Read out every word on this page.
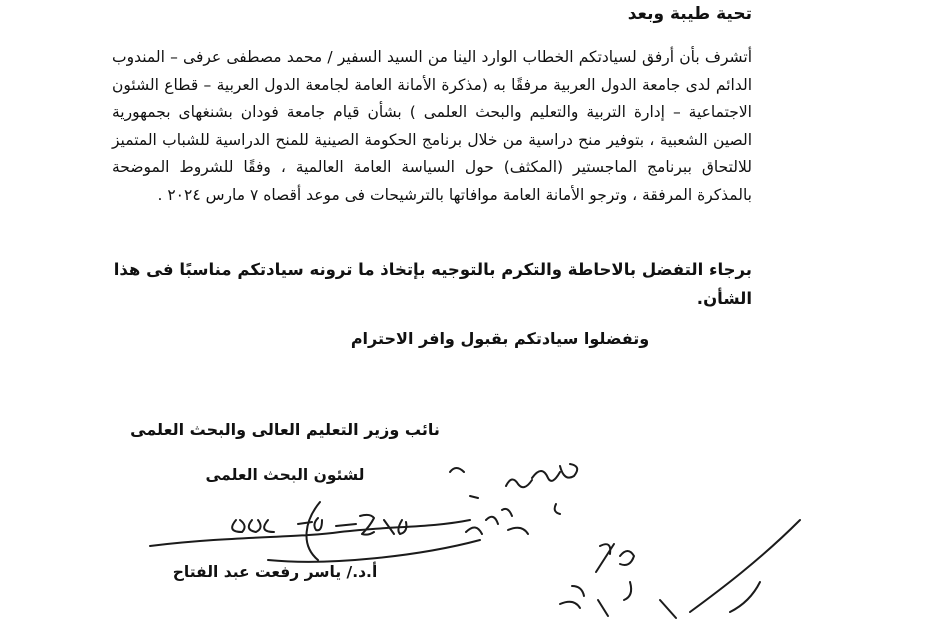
تحية طيبة وبعد

أتشرف بأن أرفق لسيادتكم الخطاب الوارد الينا من السيد السفير / محمد مصطفى عرفى – المندوب الدائم لدى جامعة الدول العربية مرفقًا به (مذكرة الأمانة العامة لجامعة الدول العربية – قطاع الشئون الاجتماعية – إدارة التربية والتعليم والبحث العلمى ) بشأن قيام جامعة فودان بشنغهاى بجمهورية الصين الشعبية ، بتوفير منح دراسية من خلال برنامج الحكومة الصينية للمنح الدراسية للشباب المتميز للالتحاق ببرنامج الماجستير (المكثف) حول السياسة العامة العالمية ، وفقًا للشروط الموضحة بالمذكرة المرفقة ، وترجو الأمانة العامة موافاتها بالترشيحات فى موعد أقصاه ٧ مارس ٢٠٢٤ .

برجاء التفضل بالاحاطة والتكرم بالتوجيه بإتخاذ ما ترونه سيادتكم مناسبًا فى هذا الشأن.

وتفضلوا سيادتكم بقبول وافر الاحترام

نائب وزير التعليم العالى والبحث العلمى

لشئون البحث العلمى

أ.د./ ياسر رفعت عبد الفتاح
